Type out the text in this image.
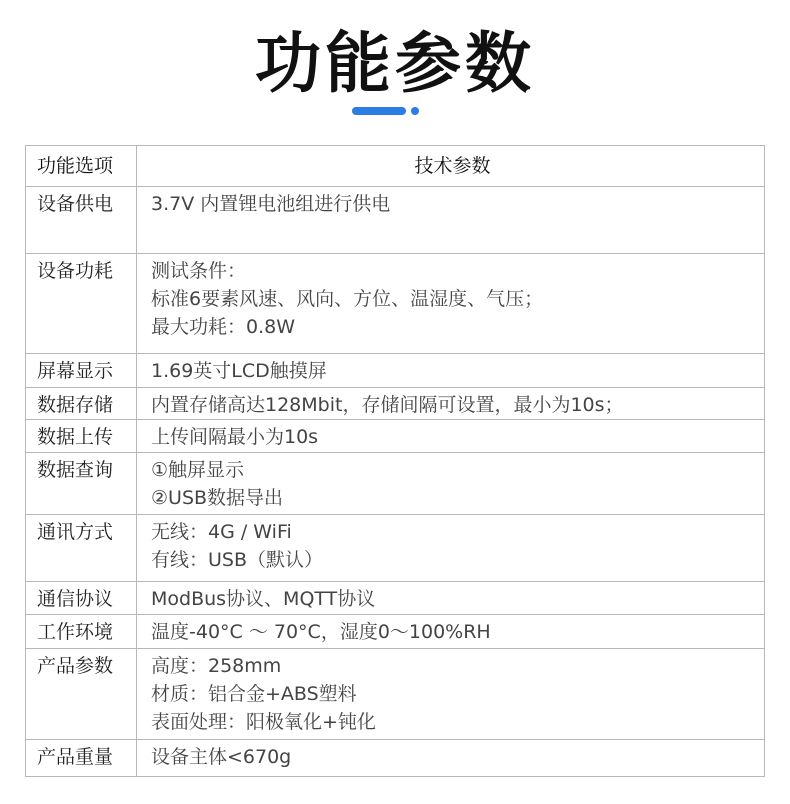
功能参数
功能选项	技术参数
设备供电	3.7V 内置锂电池组进行供电

设备功耗	测试条件：
标准6要素风速、风向、方位、温湿度、气压；
最大功耗：0.8W

屏幕显示	1.69英寸LCD触摸屏

数据存储	内置存储高达128Mbit，存储间隔可设置，最小为10s；

数据上传	上传间隔最小为10s

数据查询	①触屏显示
②USB数据导出

通讯方式	无线：4G / WiFi
有线：USB（默认）

通信协议	ModBus协议、MQTT协议

工作环境	温度-40°C ～ 70°C，湿度0～100%RH

产品参数	高度：258mm
材质：铝合金+ABS塑料
表面处理：阳极氧化+钝化

产品重量	设备主体<670g
